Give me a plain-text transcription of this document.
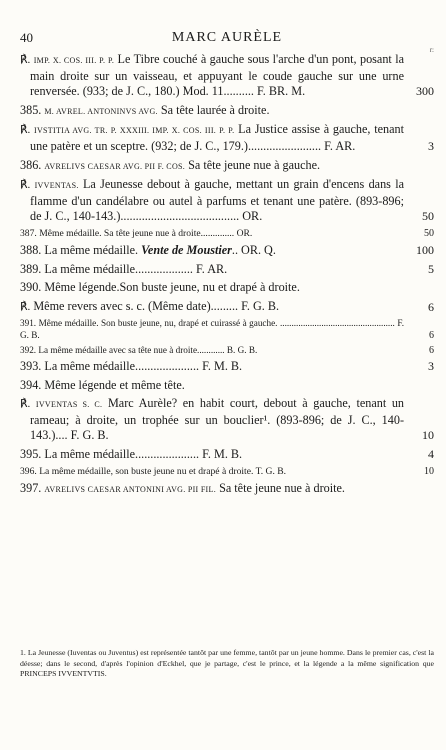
40	MARC AURÈLE
r:
℟. IMP. X. COS. III. P. P. Le Tibre couché à gauche sous l'arche d'un pont, posant la main droite sur un vaisseau, et appuyant le coude gauche sur une urne renversée. (933; de J. C., 180.) Mod. 11.......... F. BR. M.	300
385. M. AVREL. ANTONINVS AVG. Sa tête laurée à droite.
℟. IVSTITIA AVG. TR. P. XXXIII. IMP. X. COS. III. P. P. La Justice assise à gauche, tenant une patère et un sceptre. (932; de J. C., 179.)........................ F. AR.	3
386. AVRELIVS CAESAR AVG. PII F. COS. Sa tête jeune nue à gauche.
℟. IVVENTAS. La Jeunesse debout à gauche, mettant un grain d'encens dans la flamme d'un candélabre ou autel à parfums et tenant une patère. (893-896; de J. C., 140-143.)....................................... OR.	50
387. Même médaille. Sa tête jeune nue à droite.............. OR.	50
388. La même médaille. Vente de Moustier.. OR. Q.	100
389. La même médaille................... F. AR.	5
390. Même légende.Son buste jeune, nu et drapé à droite.
℟. Même revers avec s. c. (Même date)......... F. G. B.	6
391. Même médaille. Son buste jeune, nu, drapé et cuirassé à gauche. .................................................. F. G. B.	6
392. La même médaille avec sa tête nue à droite............ B. G. B.	6
393. La même médaille..................... F. M. B.	3
394. Même légende et même tête.
℟. IVVENTAS S. C. Marc Aurèle? en habit court, debout à gauche, tenant un rameau; à droite, un trophée sur un bouclier¹. (893-896; de J. C., 140-143.).... F. G. B.	10
395. La même médaille..................... F. M. B.	4
396. La même médaille, son buste jeune nu et drapé à droite. T. G. B.	10
397. AVRELIVS CAESAR ANTONINI AVG. PII FIL. Sa tête jeune nue à droite.
1. La Jeunesse (Iuventas ou Juventus) est représentée tantôt par une femme, tantôt par un jeune homme. Dans le premier cas, c'est la déesse; dans le second, d'après l'opinion d'Eckhel, que je partage, c'est le prince, et la légende a la même signification que PRINCEPS IVVENTVTIS.
